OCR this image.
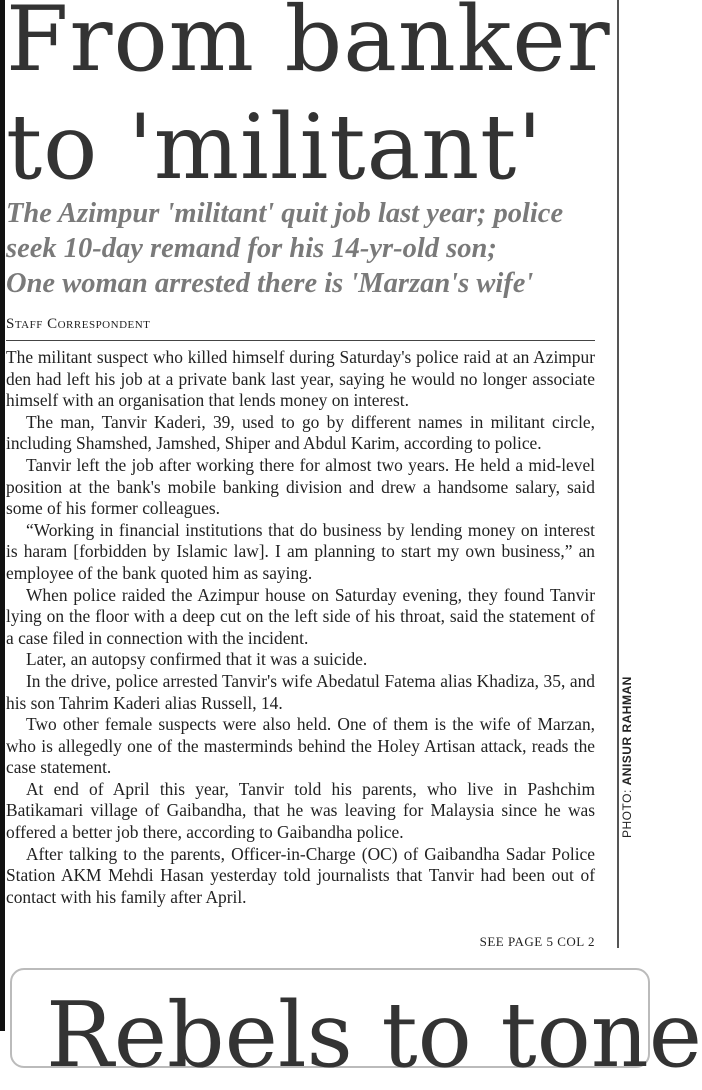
From banker
to 'militant'
The Azimpur 'militant' quit job last year; police
seek 10-day remand for his 14-yr-old son;
One woman arrested there is 'Marzan's wife'
Staff Correspondent

The militant suspect who killed himself during Saturday's police raid at an Azimpur den had left his job at a private bank last year, saying he would no longer associate himself with an organisation that lends money on interest.

The man, Tanvir Kaderi, 39, used to go by different names in militant circle, including Shamshed, Jamshed, Shiper and Abdul Karim, according to police.

Tanvir left the job after working there for almost two years. He held a mid-level position at the bank's mobile banking division and drew a handsome salary, said some of his former colleagues.

“Working in financial institutions that do business by lending money on interest is haram [forbidden by Islamic law]. I am planning to start my own business,” an employee of the bank quoted him as saying.

When police raided the Azimpur house on Saturday evening, they found Tanvir lying on the floor with a deep cut on the left side of his throat, said the statement of a case filed in connection with the incident.

Later, an autopsy confirmed that it was a suicide.

In the drive, police arrested Tanvir's wife Abedatul Fatema alias Khadiza, 35, and his son Tahrim Kaderi alias Russell, 14.

Two other female suspects were also held. One of them is the wife of Marzan, who is allegedly one of the masterminds behind the Holey Artisan attack, reads the case statement.

At end of April this year, Tanvir told his parents, who live in Pashchim Batikamari village of Gaibandha, that he was leaving for Malaysia since he was offered a better job there, according to Gaibandha police.

After talking to the parents, Officer-in-Charge (OC) of Gaibandha Sadar Police Station AKM Mehdi Hasan yesterday told journalists that Tanvir had been out of contact with his family after April.

SEE PAGE 5 COL 2
PHOTO: ANISUR RAHMAN
Rebels to tone
